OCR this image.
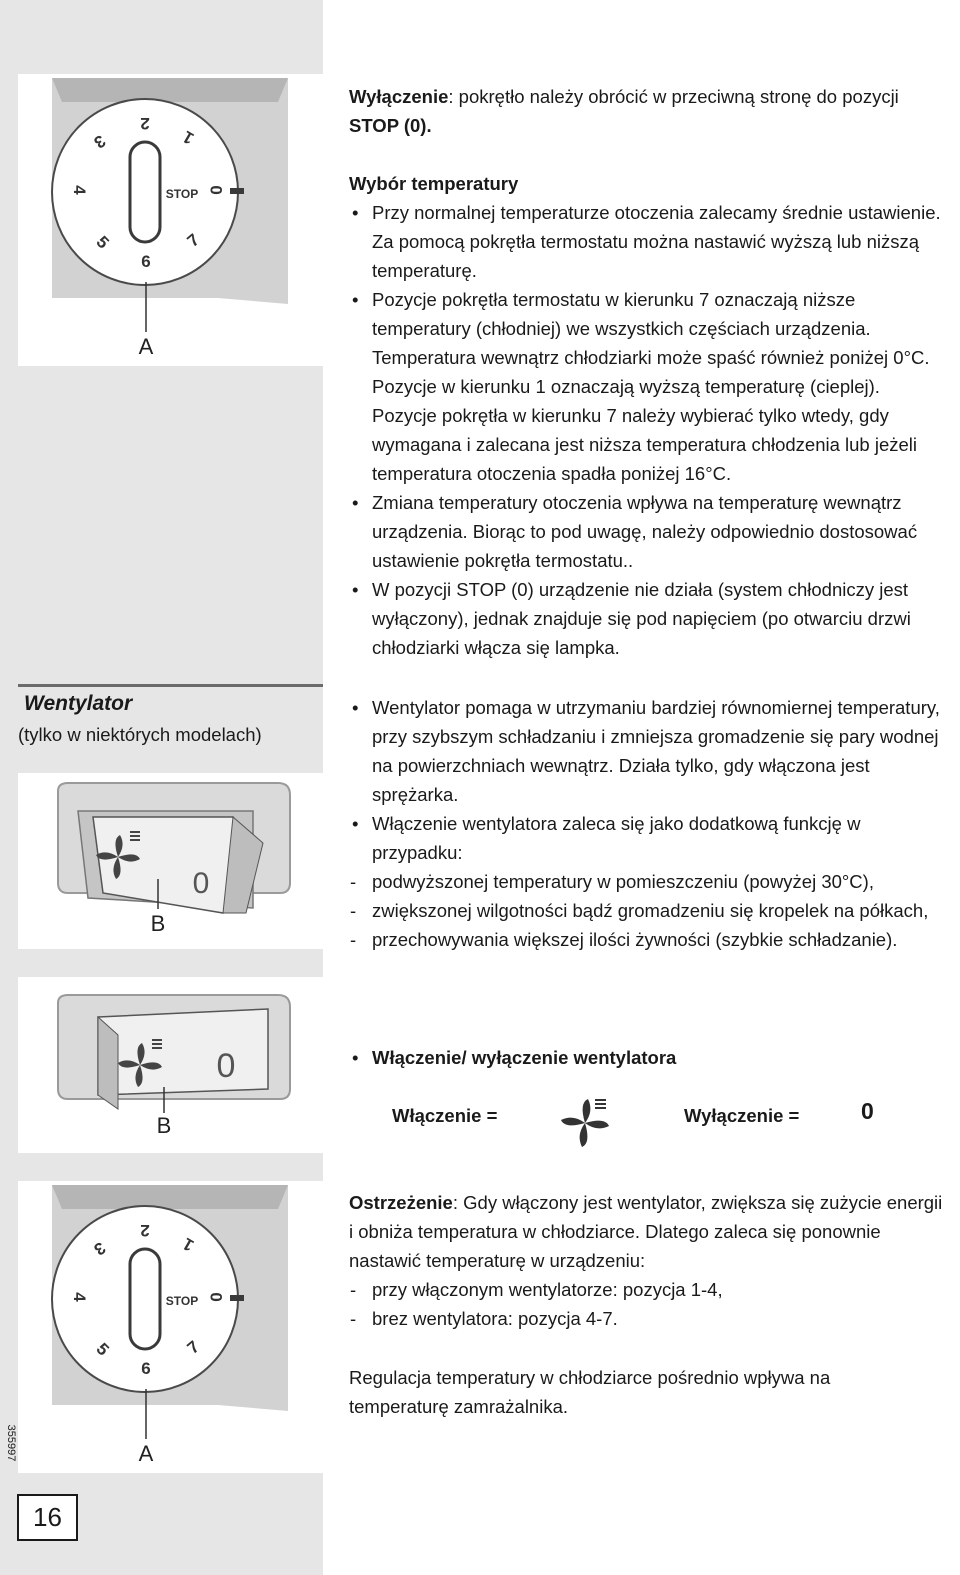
1
2
3
4
5
6
7
0
STOP
A

Wyłączenie: pokrętło należy obrócić w przeciwną stronę do pozycji STOP (0).

Wybór temperatury

• Przy normalnej temperaturze otoczenia zalecamy średnie ustawienie. Za pomocą pokrętła termostatu można nastawić wyższą lub niższą temperaturę.
• Pozycje pokrętła termostatu w kierunku 7 oznaczają niższe temperatury (chłodniej) we wszystkich częściach urządzenia. Temperatura wewnątrz chłodziarki może spaść również poniżej 0°C. Pozycje w kierunku 1 oznaczają wyższą temperaturę (cieplej). Pozycje pokrętła w kierunku 7 należy wybierać tylko wtedy, gdy wymagana i zalecana jest niższa temperatura chłodzenia lub jeżeli temperatura otoczenia spadła poniżej 16°C.
• Zmiana temperatury otoczenia wpływa na temperaturę wewnątrz urządzenia. Biorąc to pod uwagę, należy odpowiednio dostosować ustawienie pokrętła termostatu..
• W pozycji STOP (0) urządzenie nie działa (system chłodniczy jest wyłączony), jednak znajduje się pod napięciem (po otwarciu drzwi chłodziarki włącza się lampka.
Wentylator
(tylko w niektórych modelach)
0
B
0
B
• Wentylator pomaga w utrzymaniu bardziej równomiernej temperatury, przy szybszym schładzaniu i zmniejsza gromadzenie się pary wodnej na powierzchniach wewnątrz. Działa tylko, gdy włączona jest sprężarka.
• Włączenie wentylatora zaleca się jako dodatkową funkcję w przypadku:
- podwyższonej temperatury w pomieszczeniu (powyżej 30°C),
- zwiększonej wilgotności bądź gromadzeniu się kropelek na półkach,
- przechowywania większej ilości żywności (szybkie schładzanie).
• Włączenie/ wyłączenie wentylatora
Włączenie =	Wyłączenie =	0
1
2
3
4
5
6
7
0
STOP
A

Ostrzeżenie: Gdy włączony jest wentylator, zwiększa się zużycie energii i obniża temperatura w chłodziarce. Dlatego zaleca się ponownie nastawić temperaturę w urządzeniu:

- przy włączonym wentylatorze: pozycja 1-4,
- brez wentylatora: pozycja 4-7.
Regulacja temperatury w chłodziarce pośrednio wpływa na temperaturę zamrażalnika.
355997
16
